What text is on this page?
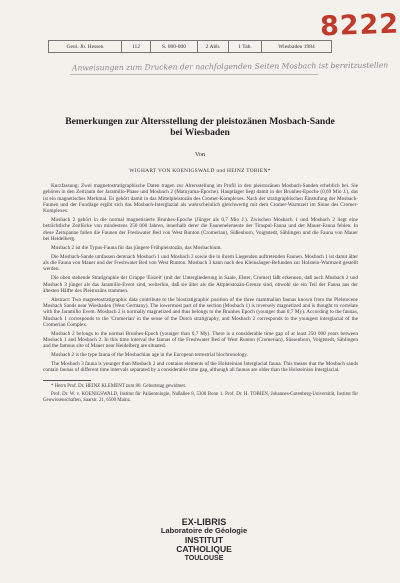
8222
Geol. Jb. Hessen	112	S. 000-000	2 Abb.	1 Tab.	Wiesbaden 1984
Anweisungen zum Drucken der nachfolgenden Seiten Mosbach ist bereitzustellen
Bemerkungen zur Altersstellung der pleistozänen Mosbach-Sande
bei Wiesbaden
Von
WIGHART VON KOENIGSWALD und HEINZ TOBIEN*

Kurzfassung: Zwei magnetostratigraphische Daten tragen zur Altersstellung im Profil in den pleistozänen Mosbach-Sanden erheblich bei. Sie gehören in den Zeitraum der Jaramillo-Phase und Mosbach 2 (Matuyama-Epoche). Hauptlager liegt damit in der Brunhes-Epoche (0,69 Mio J.), das ist ein magnetisches Merkmal. Es gehört damit in das Mittelpleistozän des Cromer-Komplexes. Nach der stratigraphischen Einstufung der Mosbach-Faunen und der Fundlage ergibt sich das Mosbach-Interglazial als wahrscheinlich gleichwertig mit dem Cromer-Warmzeit im Sinne des Cromer-Komplexes.

Mosbach 2 gehört in die normal magnetisierte Brunhes-Epoche (Jünger als 0,7 Mio J.). Zwischen Mosbach 1 und Mosbach 2 liegt eine beträchtliche Zeitlücke von mindestens 250 000 Jahren, innerhalb derer die Faunenelemente der Tiraspol-Fauna und der Mauer-Fauna fehlen. In diese Zeitspanne fallen die Faunen der Freshwater Bed von West Runton (Cromerian), Süßenborn, Voigtstedt, Sählingen und die Fauna von Mauer bei Heidelberg.

Mosbach 2 ist die Typus-Fauna für das jüngere Frühpleistozän, das Mosbachium.

Die Mosbach-Sande umfassen demnach Mosbach 1 und Mosbach 2 sowie die in ihrem Liegenden auftretenden Faunen. Mosbach 1 ist damit älter als die Fauna von Mauer und der Freshwater Bed von West Runton. Mosbach 3 kann nach den Kleinsäuger-Befunden zur Holstein-Warmzeit gestellt werden.

Die oben stehende Stratigraphie der Gruppe 'Eiszeit' (mit der Untergliederung in Saale, Elster, Cromer) läßt erkennen, daß auch Mosbach 2 und Mosbach 3 jünger als das Jaramillo-Event sind, weiterhin, daß sie älter als die Altpleistozän-Grenze sind, obwohl sie ein Teil der Fauna aus der ältesten Hälfte des Pleistozäns stammen.

Abstract: Two magnetostratigraphic data contribute to the biostratigraphic position of the three mammalian faunas known from the Pleistocene Mosbach Sands near Wiesbaden (West Germany). The lowermost part of the section (Mosbach 1) is reversely magnetized and is thought to correlate with the Jaramillo Event. Mosbach 2 is normally magnetized and thus belongs to the Brunhes Epoch (younger than 0,7 My). According to the faunas, Mosbach 1 corresponds to the 'Cromerian' in the sense of the Dutch stratigraphy, and Mosbach 2 corresponds to the youngest interglacial of the Cromerian Complex.

Mosbach 2 belongs to the normal Brunhes-Epoch (younger than 0,7 My). There is a considerable time gap of at least 250 000 years between Mosbach 1 and Mosbach 2. In this time interval the faunas of the Freshwater Bed of West Runton (Cromerian), Süssenborn, Voigtstedt, Sählingen and the famous site of Mauer near Heidelberg are situated.

Mosbach 2 is the type fauna of the Mosbachian age in the European terrestrial biochronology.

The Mosbach 3 fauna is younger than Mosbach 2 and contains elements of the Holsteinian Interglacial fauna. This means that the Mosbach sands contain faunas of different time intervals separated by a considerable time gap, although all faunas are older than the Holsteinian Interglacial.

* Herrn Prof. Dr. HEINZ KLEMENT zum 80. Geburtstag gewidmet.

Prof. Dr. W. v. KOENIGSWALD, Institut für Paläontologie, Nußallee 8, 5300 Bonn 1. Prof. Dr. H. TOBIEN, Johannes-Gutenberg-Universität, Institut für Geowissenschaften, Saarstr. 21, 6500 Mainz.

EX-LIBRIS
Laboratoire de Géologie
INSTITUT CATHOLIQUE
TOULOUSE
